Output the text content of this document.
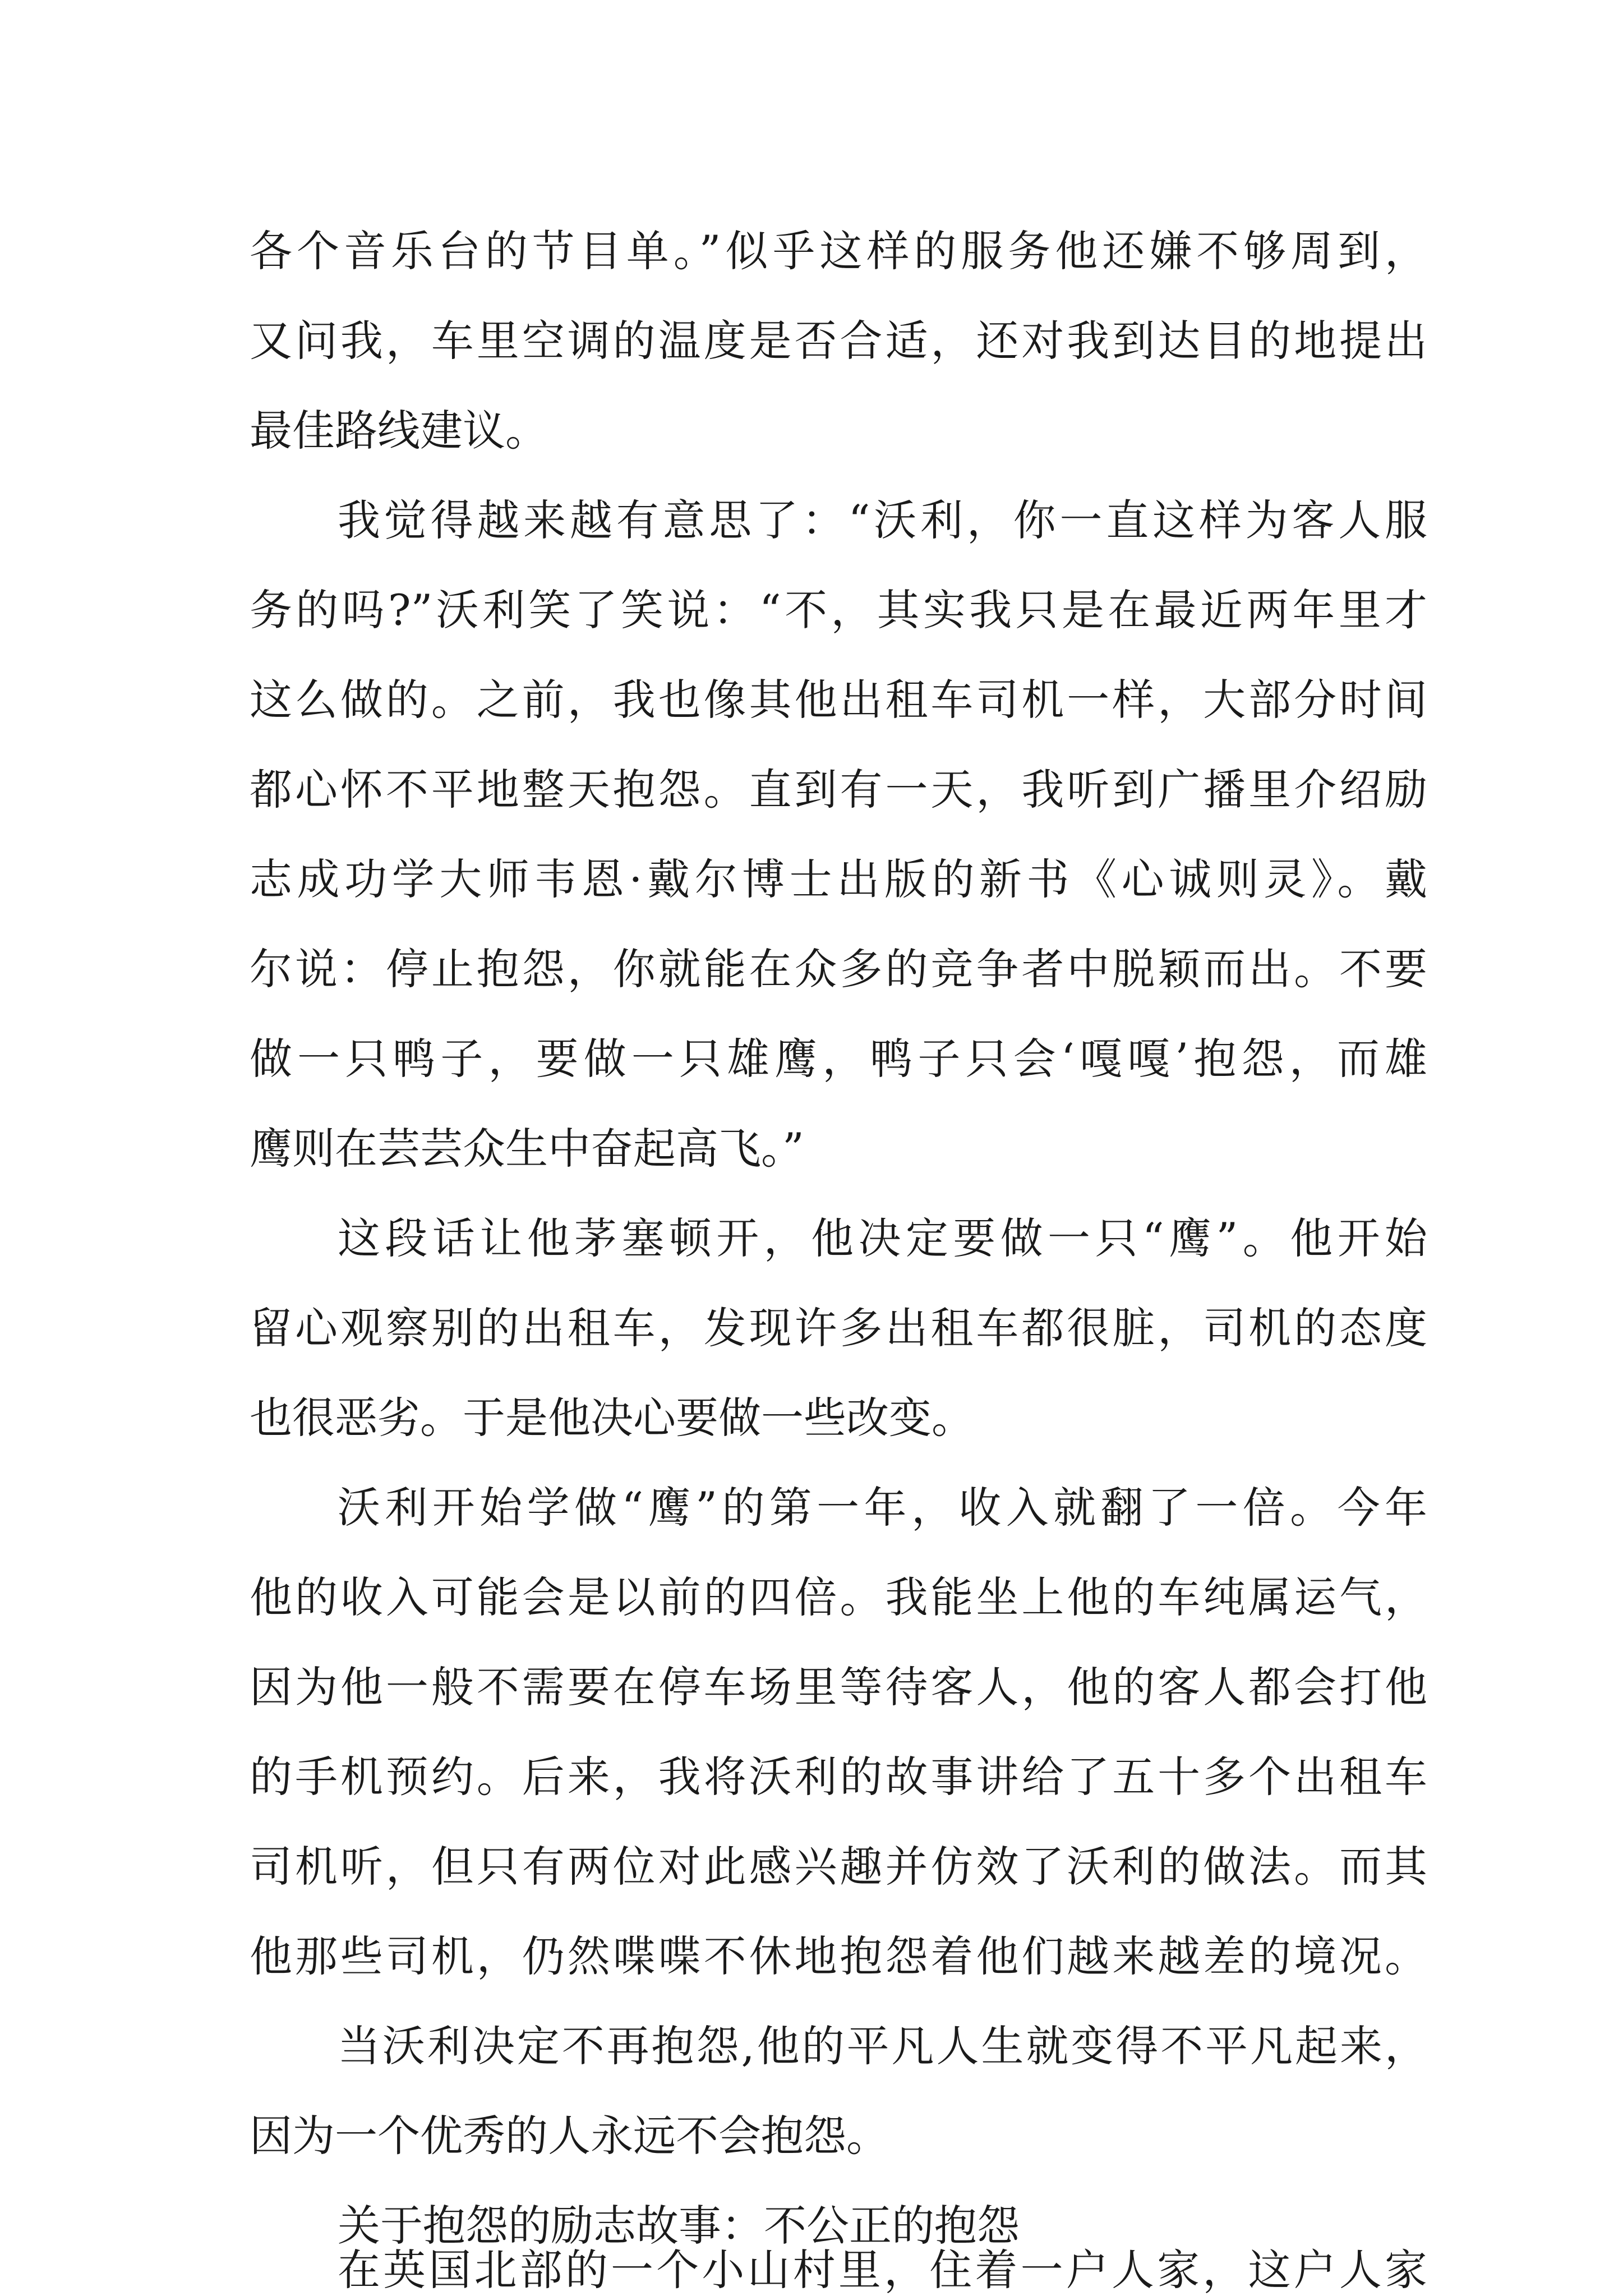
各个音乐台的节目单。”似乎这样的服务他还嫌不够周到，
又问我，车里空调的温度是否合适，还对我到达目的地提出
最佳路线建议。
我觉得越来越有意思了：“沃利，你一直这样为客人服
务的吗?”沃利笑了笑说：“不，其实我只是在最近两年里才
这么做的。之前，我也像其他出租车司机一样，大部分时间
都心怀不平地整天抱怨。直到有一天，我听到广播里介绍励
志成功学大师韦恩·戴尔博士出版的新书《心诚则灵》。戴
尔说：停止抱怨，你就能在众多的竞争者中脱颖而出。不要
做一只鸭子，要做一只雄鹰，鸭子只会‘嘎嘎’抱怨，而雄
鹰则在芸芸众生中奋起高飞。”
这段话让他茅塞顿开，他决定要做一只“鹰”。他开始
留心观察别的出租车，发现许多出租车都很脏，司机的态度
也很恶劣。于是他决心要做一些改变。
沃利开始学做“鹰”的第一年，收入就翻了一倍。今年
他的收入可能会是以前的四倍。我能坐上他的车纯属运气，
因为他一般不需要在停车场里等待客人，他的客人都会打他
的手机预约。后来，我将沃利的故事讲给了五十多个出租车
司机听，但只有两位对此感兴趣并仿效了沃利的做法。而其
他那些司机，仍然喋喋不休地抱怨着他们越来越差的境况。
当沃利决定不再抱怨,他的平凡人生就变得不平凡起来，
因为一个优秀的人永远不会抱怨。
关于抱怨的励志故事：不公正的抱怨
在英国北部的一个小山村里，住着一户人家，这户人家
